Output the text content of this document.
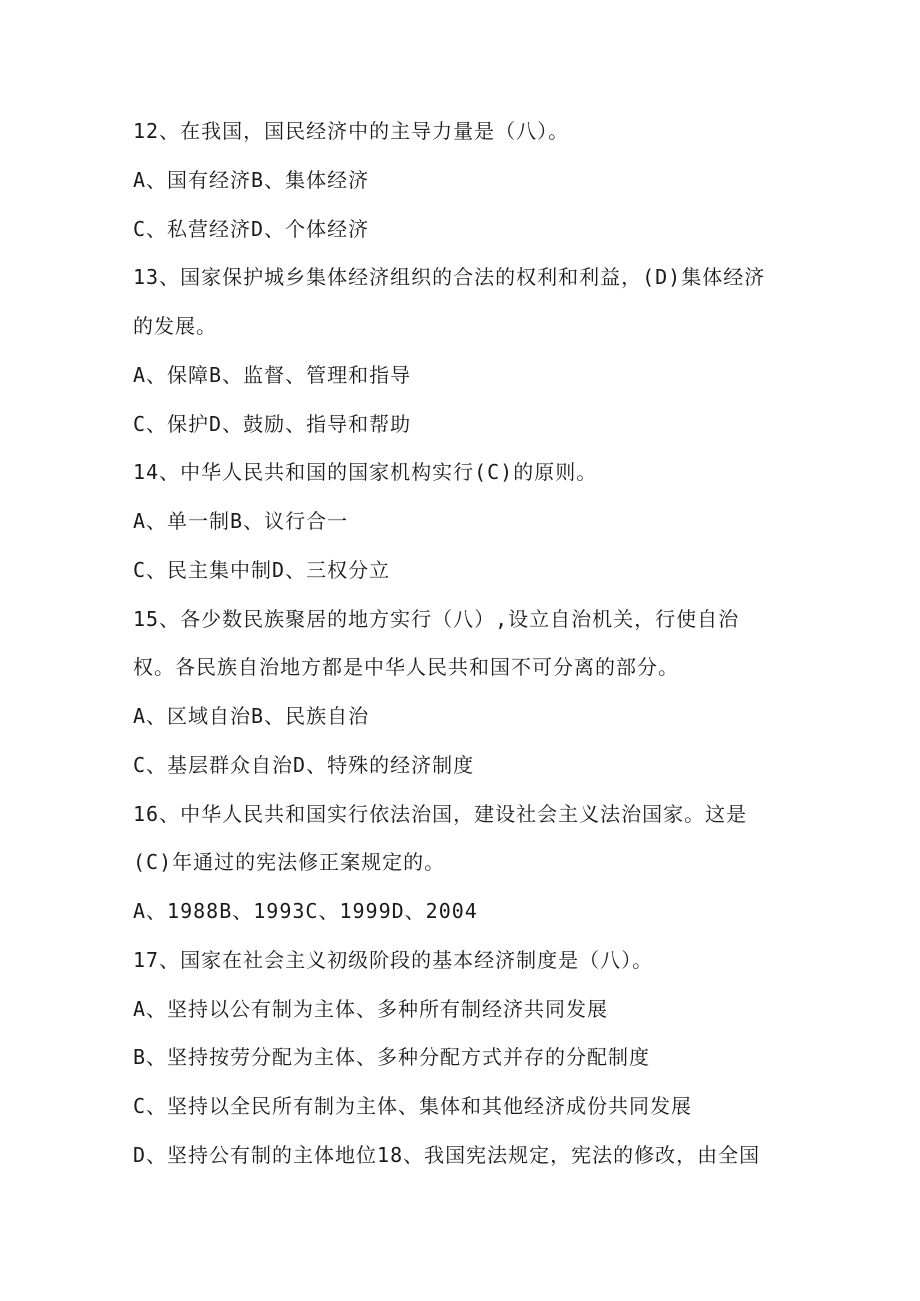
12、在我国，国民经济中的主导力量是（八）。
A、国有经济B、集体经济
C、私营经济D、个体经济
13、国家保护城乡集体经济组织的合法的权利和利益，(D)集体经济
的发展。
A、保障B、监督、管理和指导
C、保护D、鼓励、指导和帮助
14、中华人民共和国的国家机构实行(C)的原则。
A、单一制B、议行合一
C、民主集中制D、三权分立
15、各少数民族聚居的地方实行（八）,设立自治机关，行使自治
权。各民族自治地方都是中华人民共和国不可分离的部分。
A、区域自治B、民族自治
C、基层群众自治D、特殊的经济制度
16、中华人民共和国实行依法治国，建设社会主义法治国家。这是
(C)年通过的宪法修正案规定的。
A、1988B、1993C、1999D、2004
17、国家在社会主义初级阶段的基本经济制度是（八）。
A、坚持以公有制为主体、多种所有制经济共同发展
B、坚持按劳分配为主体、多种分配方式并存的分配制度
C、坚持以全民所有制为主体、集体和其他经济成份共同发展
D、坚持公有制的主体地位18、我国宪法规定，宪法的修改，由全国
